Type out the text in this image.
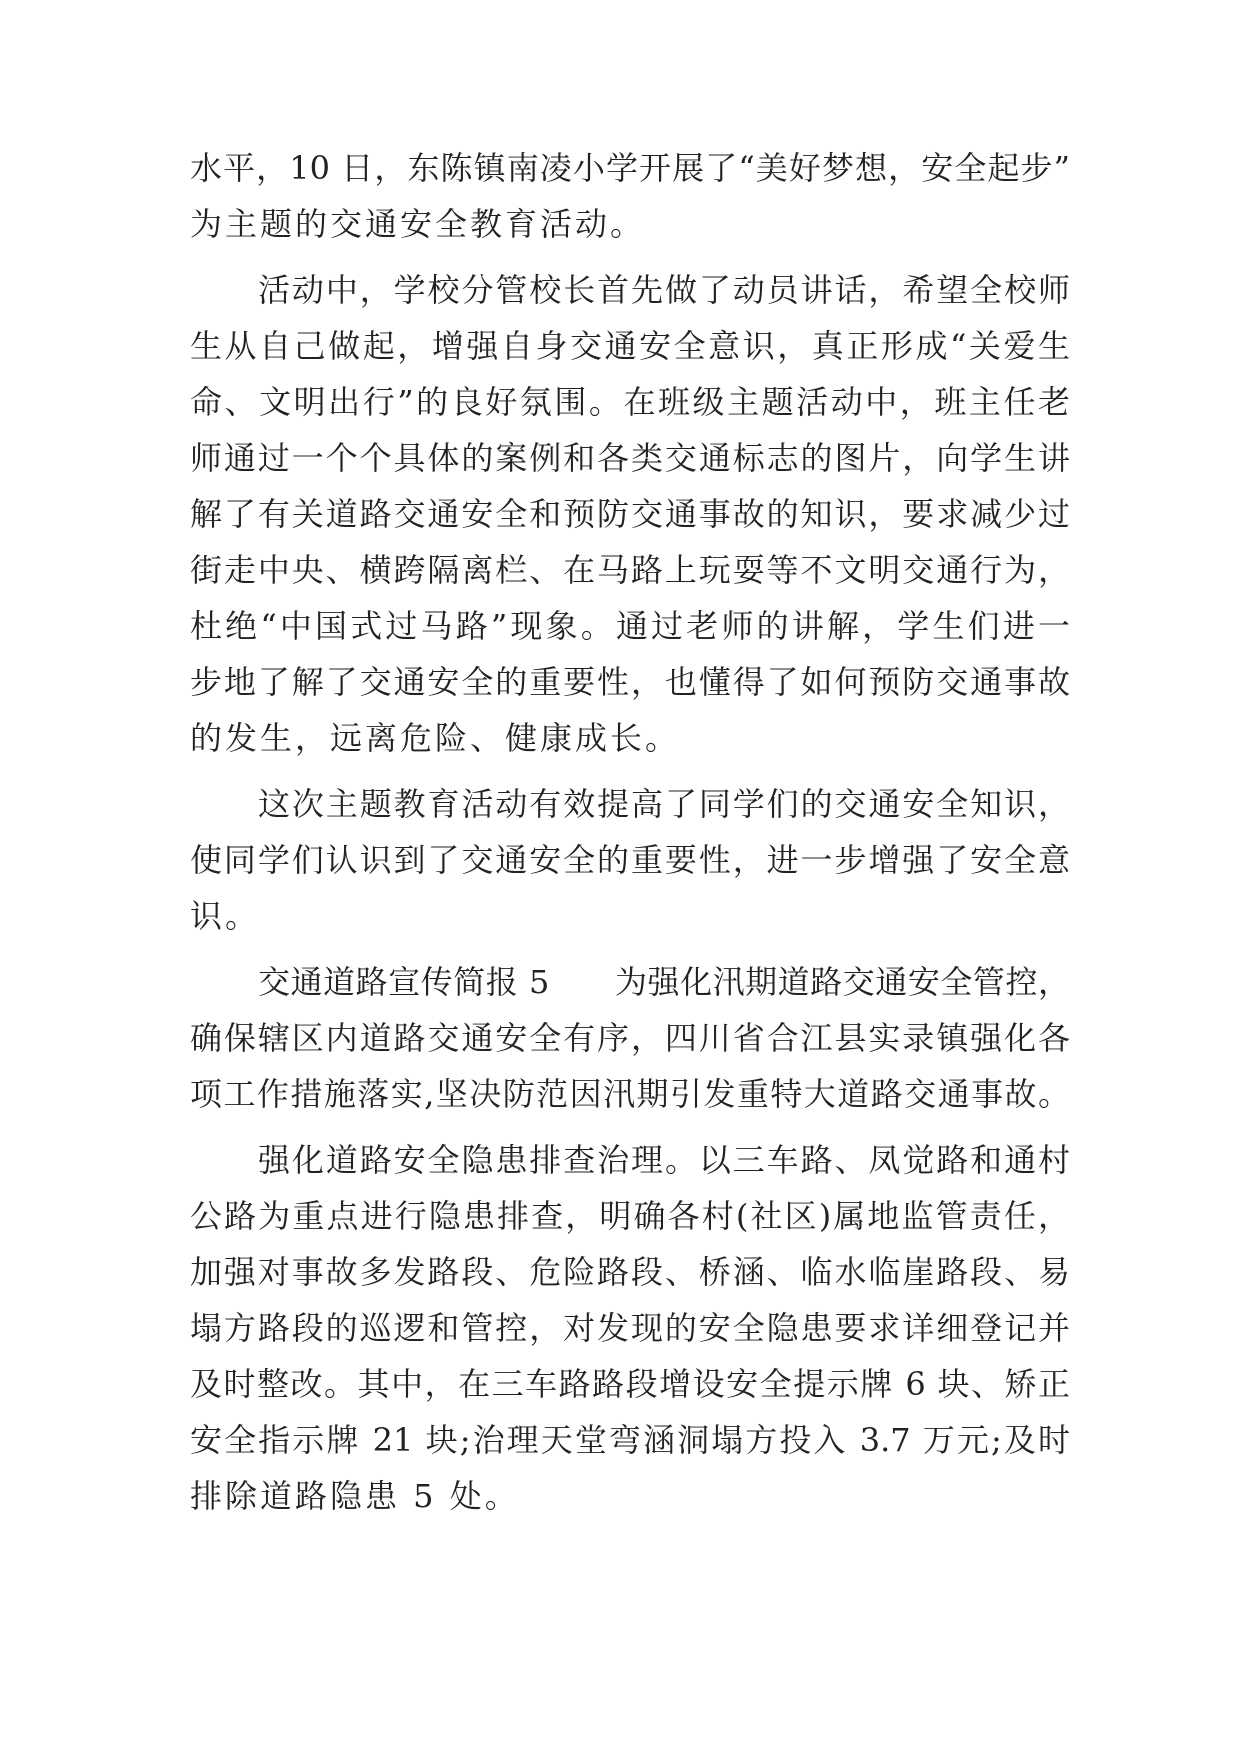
水平，10 日，东陈镇南凌小学开展了“美好梦想，安全起步”
为主题的交通安全教育活动。
活动中，学校分管校长首先做了动员讲话，希望全校师
生从自己做起，增强自身交通安全意识，真正形成“关爱生
命、文明出行”的良好氛围。在班级主题活动中，班主任老
师通过一个个具体的案例和各类交通标志的图片，向学生讲
解了有关道路交通安全和预防交通事故的知识，要求减少过
街走中央、横跨隔离栏、在马路上玩耍等不文明交通行为，
杜绝“中国式过马路”现象。通过老师的讲解，学生们进一
步地了解了交通安全的重要性，也懂得了如何预防交通事故
的发生，远离危险、健康成长。
这次主题教育活动有效提高了同学们的交通安全知识，
使同学们认识到了交通安全的重要性，进一步增强了安全意
识。
交通道路宣传简报 5　　为强化汛期道路交通安全管控，
确保辖区内道路交通安全有序，四川省合江县实录镇强化各
项工作措施落实,坚决防范因汛期引发重特大道路交通事故。
强化道路安全隐患排查治理。以三车路、凤觉路和通村
公路为重点进行隐患排查，明确各村(社区)属地监管责任，
加强对事故多发路段、危险路段、桥涵、临水临崖路段、易
塌方路段的巡逻和管控，对发现的安全隐患要求详细登记并
及时整改。其中，在三车路路段增设安全提示牌 6 块、矫正
安全指示牌 21 块;治理天堂弯涵洞塌方投入 3.7 万元;及时
排除道路隐患 5 处。
